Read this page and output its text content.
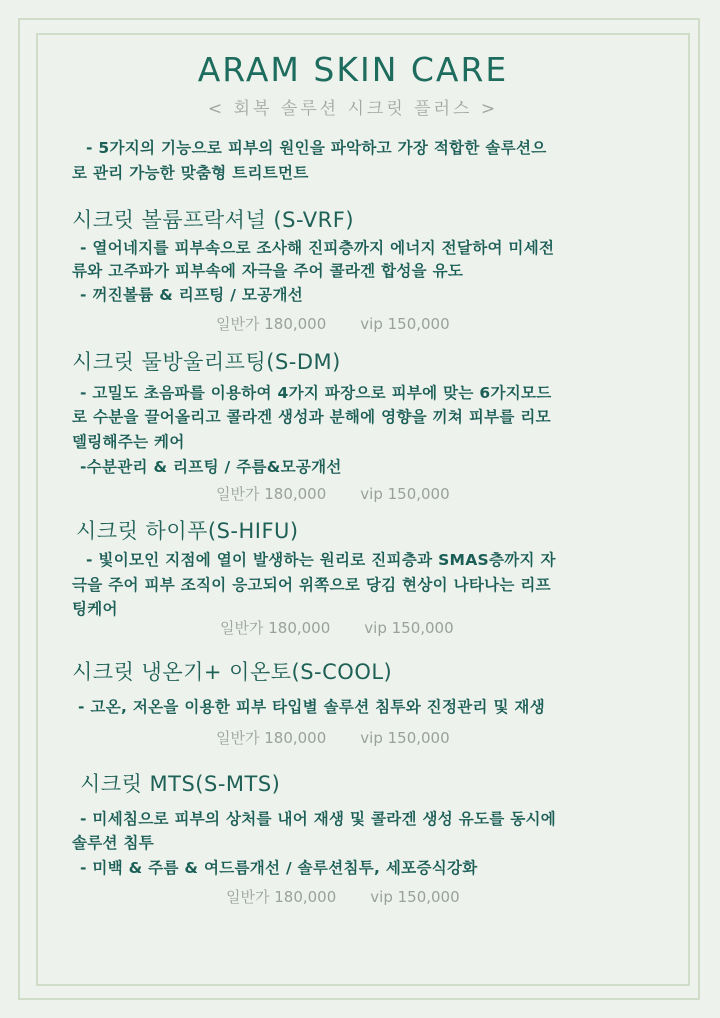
ARAM SKIN CARE
< 회복 솔루션 시크릿 플러스 >
- 5가지의 기능으로 피부의 원인을 파악하고 가장 적합한 솔루션으
로 관리 가능한 맞춤형 트리트먼트
시크릿 볼륨프락셔널 (S-VRF)
- 열어네지를 피부속으로 조사해 진피층까지 에너지 전달하여 미세전
류와 고주파가 피부속에 자극을 주어 콜라겐 합성을 유도
- 꺼진볼륨 & 리프팅 / 모공개선
일반가 180,000 vip 150,000
시크릿 물방울리프팅(S-DM)
- 고밀도 초음파를 이용하여 4가지 파장으로 피부에 맞는 6가지모드
로 수분을 끌어올리고 콜라겐 생성과 분해에 영향을 끼쳐 피부를 리모
델링해주는 케어
-수분관리 & 리프팅 / 주름&모공개선
일반가 180,000 vip 150,000
시크릿 하이푸(S-HIFU)
- 빛이모인 지점에 열이 발생하는 원리로 진피층과 SMAS층까지 자
극을 주어 피부 조직이 응고되어 위쪽으로 당김 현상이 나타나는 리프
팅케어
일반가 180,000 vip 150,000
시크릿 냉온기+ 이온토(S-COOL)
- 고온, 저온을 이용한 피부 타입별 솔루션 침투와 진정관리 및 재생
일반가 180,000 vip 150,000
시크릿 MTS(S-MTS)
- 미세침으로 피부의 상처를 내어 재생 및 콜라겐 생성 유도를 동시에
솔루션 침투
- 미백 & 주름 & 여드름개선 / 솔루션침투, 세포증식강화
일반가 180,000 vip 150,000
